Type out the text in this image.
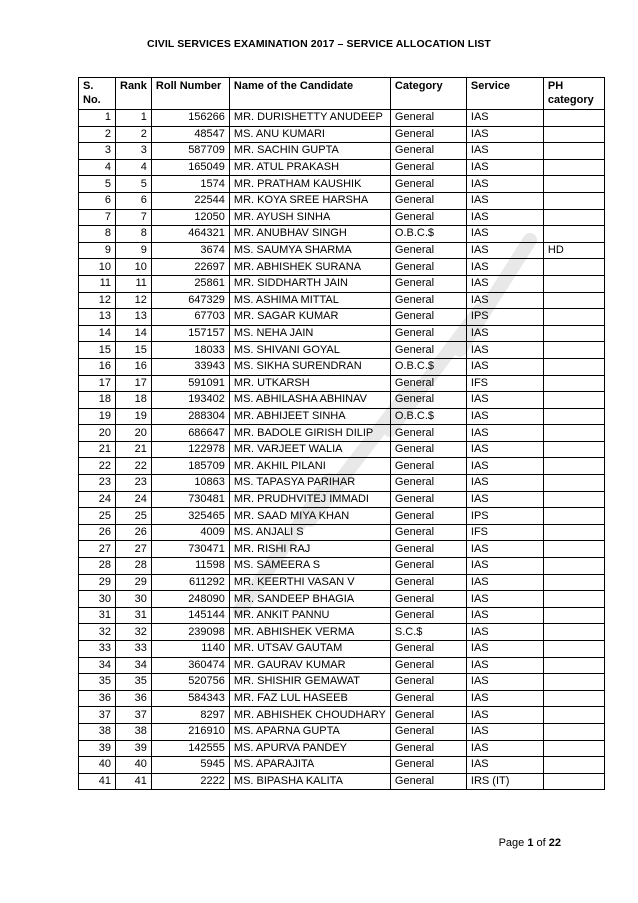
CIVIL SERVICES EXAMINATION 2017 – SERVICE ALLOCATION LIST
S. No.	Rank	Roll Number	Name of the Candidate	Category	Service	PH category
1	1	156266	MR. DURISHETTY ANUDEEP	General	IAS	
2	2	48547	MS. ANU KUMARI	General	IAS	
3	3	587709	MR. SACHIN GUPTA	General	IAS	
4	4	165049	MR. ATUL PRAKASH	General	IAS	
5	5	1574	MR. PRATHAM KAUSHIK	General	IAS	
6	6	22544	MR. KOYA SREE HARSHA	General	IAS	
7	7	12050	MR. AYUSH SINHA	General	IAS	
8	8	464321	MR. ANUBHAV SINGH	O.B.C.$	IAS	
9	9	3674	MS. SAUMYA SHARMA	General	IAS	HD
10	10	22697	MR. ABHISHEK SURANA	General	IAS	
11	11	25861	MR. SIDDHARTH JAIN	General	IAS	
12	12	647329	MS. ASHIMA MITTAL	General	IAS	
13	13	67703	MR. SAGAR KUMAR	General	IPS	
14	14	157157	MS. NEHA JAIN	General	IAS	
15	15	18033	MS. SHIVANI GOYAL	General	IAS	
16	16	33943	MS. SIKHA SURENDRAN	O.B.C.$	IAS	
17	17	591091	MR. UTKARSH	General	IFS	
18	18	193402	MS. ABHILASHA ABHINAV	General	IAS	
19	19	288304	MR. ABHIJEET SINHA	O.B.C.$	IAS	
20	20	686647	MR. BADOLE GIRISH DILIP	General	IAS	
21	21	122978	MR. VARJEET WALIA	General	IAS	
22	22	185709	MR. AKHIL PILANI	General	IAS	
23	23	10863	MS. TAPASYA PARIHAR	General	IAS	
24	24	730481	MR. PRUDHVITEJ IMMADI	General	IAS	
25	25	325465	MR. SAAD MIYA KHAN	General	IPS	
26	26	4009	MS. ANJALI S	General	IFS	
27	27	730471	MR. RISHI RAJ	General	IAS	
28	28	11598	MS. SAMEERA S	General	IAS	
29	29	611292	MR. KEERTHI VASAN V	General	IAS	
30	30	248090	MR. SANDEEP BHAGIA	General	IAS	
31	31	145144	MR. ANKIT PANNU	General	IAS	
32	32	239098	MR. ABHISHEK VERMA	S.C.$	IAS	
33	33	1140	MR. UTSAV GAUTAM	General	IAS	
34	34	360474	MR. GAURAV KUMAR	General	IAS	
35	35	520756	MR. SHISHIR GEMAWAT	General	IAS	
36	36	584343	MR. FAZ LUL HASEEB	General	IAS	
37	37	8297	MR. ABHISHEK CHOUDHARY	General	IAS	
38	38	216910	MS. APARNA GUPTA	General	IAS	
39	39	142555	MS. APURVA PANDEY	General	IAS	
40	40	5945	MS. APARAJITA	General	IAS	
41	41	2222	MS. BIPASHA KALITA	General	IRS (IT)	
Page 1 of 22
